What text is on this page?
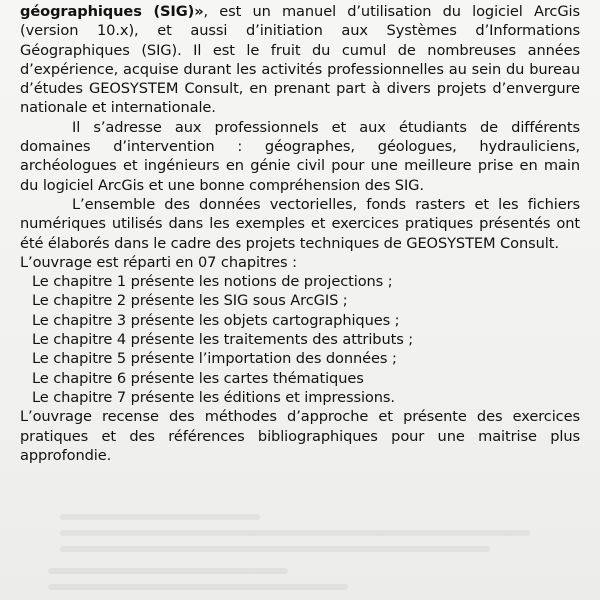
géographiques (SIG)», est un manuel d’utilisation du logiciel ArcGis (version 10.x), et aussi d’initiation aux Systèmes d’Informations Géographiques (SIG). Il est le fruit du cumul de nombreuses années d’expérience, acquise durant les activités professionnelles au sein du bureau d’études GEOSYSTEM Consult, en prenant part à divers projets d’envergure nationale et internationale.

Il s’adresse aux professionnels et aux étudiants de différents domaines d’intervention : géographes, géologues, hydrauliciens, archéologues et ingénieurs en génie civil pour une meilleure prise en main du logiciel ArcGis et une bonne compréhension des SIG.

L’ensemble des données vectorielles, fonds rasters et les fichiers numériques utilisés dans les exemples et exercices pratiques présentés ont été élaborés dans le cadre des projets techniques de GEOSYSTEM Consult.

L’ouvrage est réparti en 07 chapitres :

Le chapitre 1 présente les notions de projections ;
Le chapitre 2 présente les SIG sous ArcGIS ;
Le chapitre 3 présente les objets cartographiques ;
Le chapitre 4 présente les traitements des attributs ;
Le chapitre 5 présente l’importation des données ;
Le chapitre 6 présente les cartes thématiques
Le chapitre 7 présente les éditions et impressions.

L’ouvrage recense des méthodes d’approche et présente des exercices pratiques et des références bibliographiques pour une maitrise plus approfondie.
